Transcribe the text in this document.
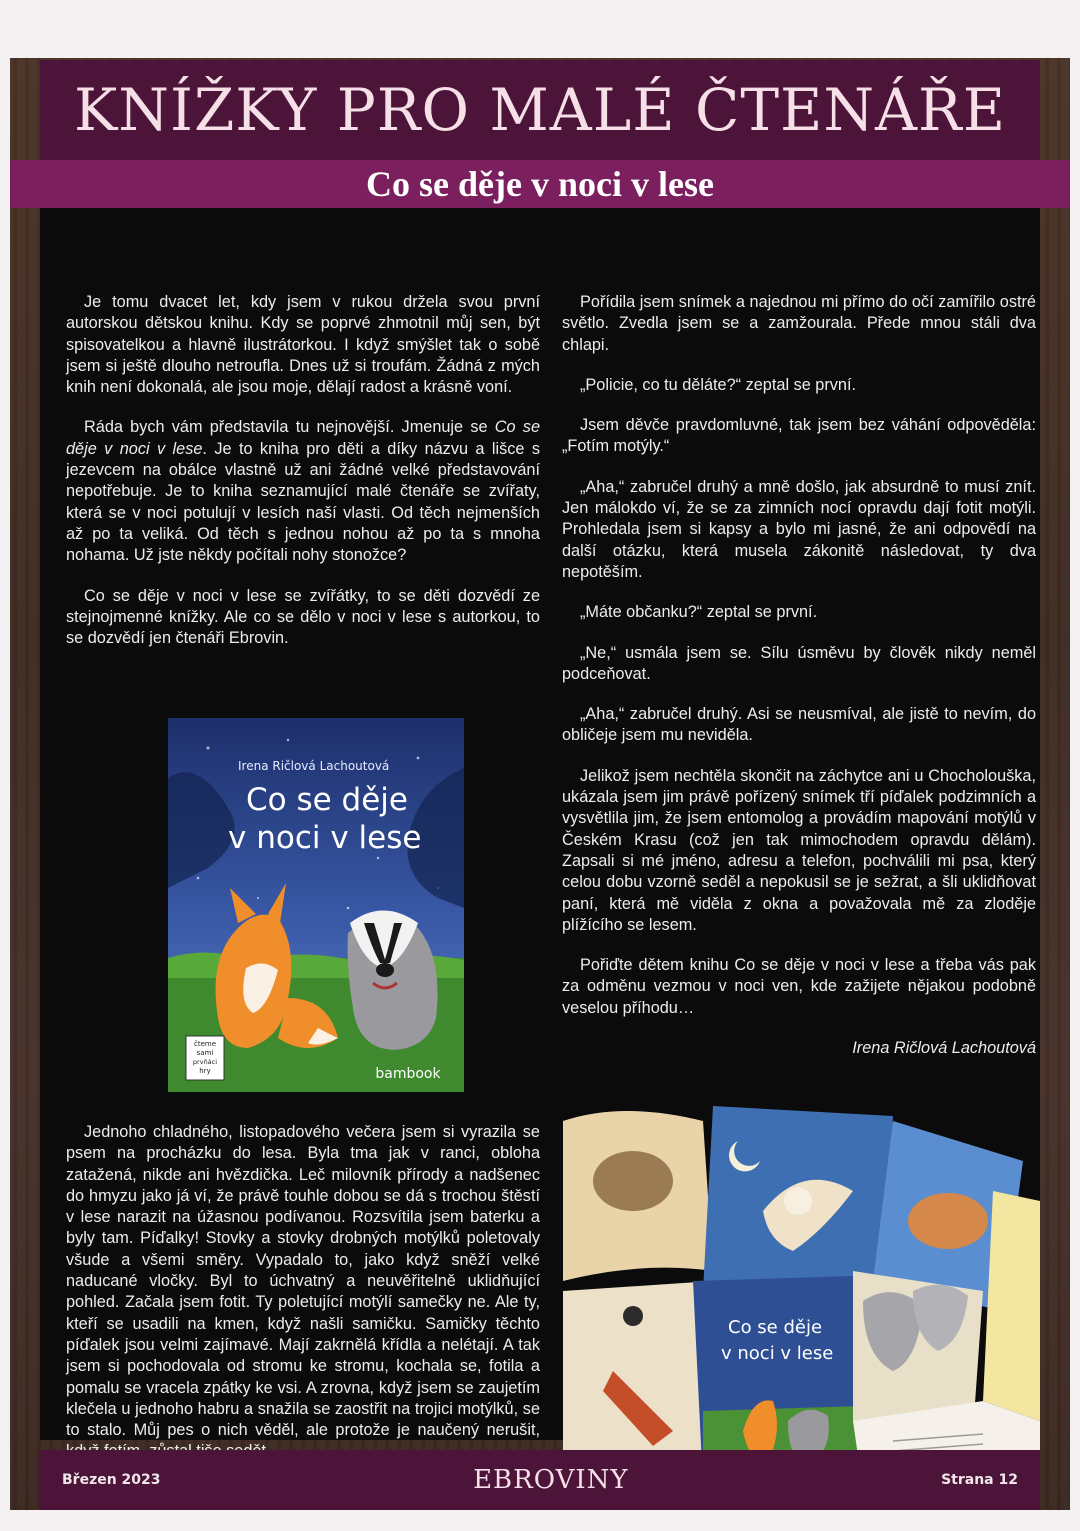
KNÍŽKY PRO MALÉ ČTENÁŘE
Co se děje v noci v lese

Je tomu dvacet let, kdy jsem v rukou držela svou první autorskou dětskou knihu. Kdy se poprvé zhmotnil můj sen, být spisovatelkou a hlavně ilustrátorkou. I když smýšlet tak o sobě jsem si ještě dlouho netroufla. Dnes už si troufám. Žádná z mých knih není dokonalá, ale jsou moje, dělají radost a krásně voní.

Ráda bych vám představila tu nejnovější. Jmenuje se Co se děje v noci v lese. Je to kniha pro děti a díky názvu a lišce s jezevcem na obálce vlastně už ani žádné velké představování nepotřebuje. Je to kniha seznamující malé čtenáře se zvířaty, která se v noci potulují v lesích naší vlasti. Od těch nejmenších až po ta veliká. Od těch s jednou nohou až po ta s mnoha nohama. Už jste někdy počítali nohy stonožce?

Co se děje v noci v lese se zvířátky, to se děti dozvědí ze stejnojmenné knížky. Ale co se dělo v noci v lese s autorkou, to se dozvědí jen čtenáři Ebrovin.

čteme
sami
prvňáci
hry
Irena Ričlová Lachoutová
Co se děje
v noci v lese
bambook

Jednoho chladného, listopadového večera jsem si vyrazila se psem na procházku do lesa. Byla tma jak v ranci, obloha zatažená, nikde ani hvězdička. Leč milovník přírody a nadšenec do hmyzu jako já ví, že právě touhle dobou se dá s trochou štěstí v lese narazit na úžasnou podívanou. Rozsvítila jsem baterku a byly tam. Píďalky! Stovky a stovky drobných motýlků poletovaly všude a všemi směry. Vypadalo to, jako když sněží velké naducané vločky. Byl to úchvatný a neuvěřitelně uklidňující pohled. Začala jsem fotit. Ty poletující motýlí samečky ne. Ale ty, kteří se usadili na kmen, když našli samičku. Samičky těchto píďalek jsou velmi zajímavé. Mají zakrnělá křídla a nelétají. A tak jsem si pochodovala od stromu ke stromu, kochala se, fotila a pomalu se vracela zpátky ke vsi. A zrovna, když jsem se zaujetím klečela u jednoho habru a snažila se zaostřit na trojici motýlků, se to stalo. Můj pes o nich věděl, ale protože je naučený nerušit,

Pořídila jsem snímek a najednou mi přímo do očí zamířilo ostré světlo. Zvedla jsem se a zamžourala. Přede mnou stáli dva chlapi.

„Policie, co tu děláte?“ zeptal se první.

Jsem děvče pravdomluvné, tak jsem bez váhání odpověděla: „Fotím motýly.“

„Aha,“ zabručel druhý a mně došlo, jak absurdně to musí znít. Jen málokdo ví, že se za zimních nocí opravdu dají fotit motýli. Prohledala jsem si kapsy a bylo mi jasné, že ani odpovědí na další otázku, která musela zákonitě následovat, ty dva nepotěším.

„Máte občanku?“ zeptal se první.

„Ne,“ usmála jsem se. Sílu úsměvu by člověk nikdy neměl podceňovat.

„Aha,“ zabručel druhý. Asi se neusmíval, ale jistě to nevím, do obličeje jsem mu neviděla.

Jelikož jsem nechtěla skončit na záchytce ani u Chocholouška, ukázala jsem jim právě pořízený snímek tří píďalek podzimních a vysvětlila jim, že jsem entomolog a provádím mapování motýlů v Českém Krasu (což jen tak mimochodem opravdu dělám). Zapsali si mé jméno, adresu a telefon, pochválili mi psa, který celou dobu vzorně seděl a nepokusil se je sežrat, a šli uklidňovat paní, která mě viděla z okna a považovala mě za zloděje plížícího se lesem.

Pořiďte dětem knihu Co se děje v noci v lese a třeba vás pak za odměnu vezmou v noci ven, kde zažijete nějakou podobně veselou příhodu…

Irena Ričlová Lachoutová

Co se děje
v noci v lese
Březen 2023	EBROVINY	Strana 12
